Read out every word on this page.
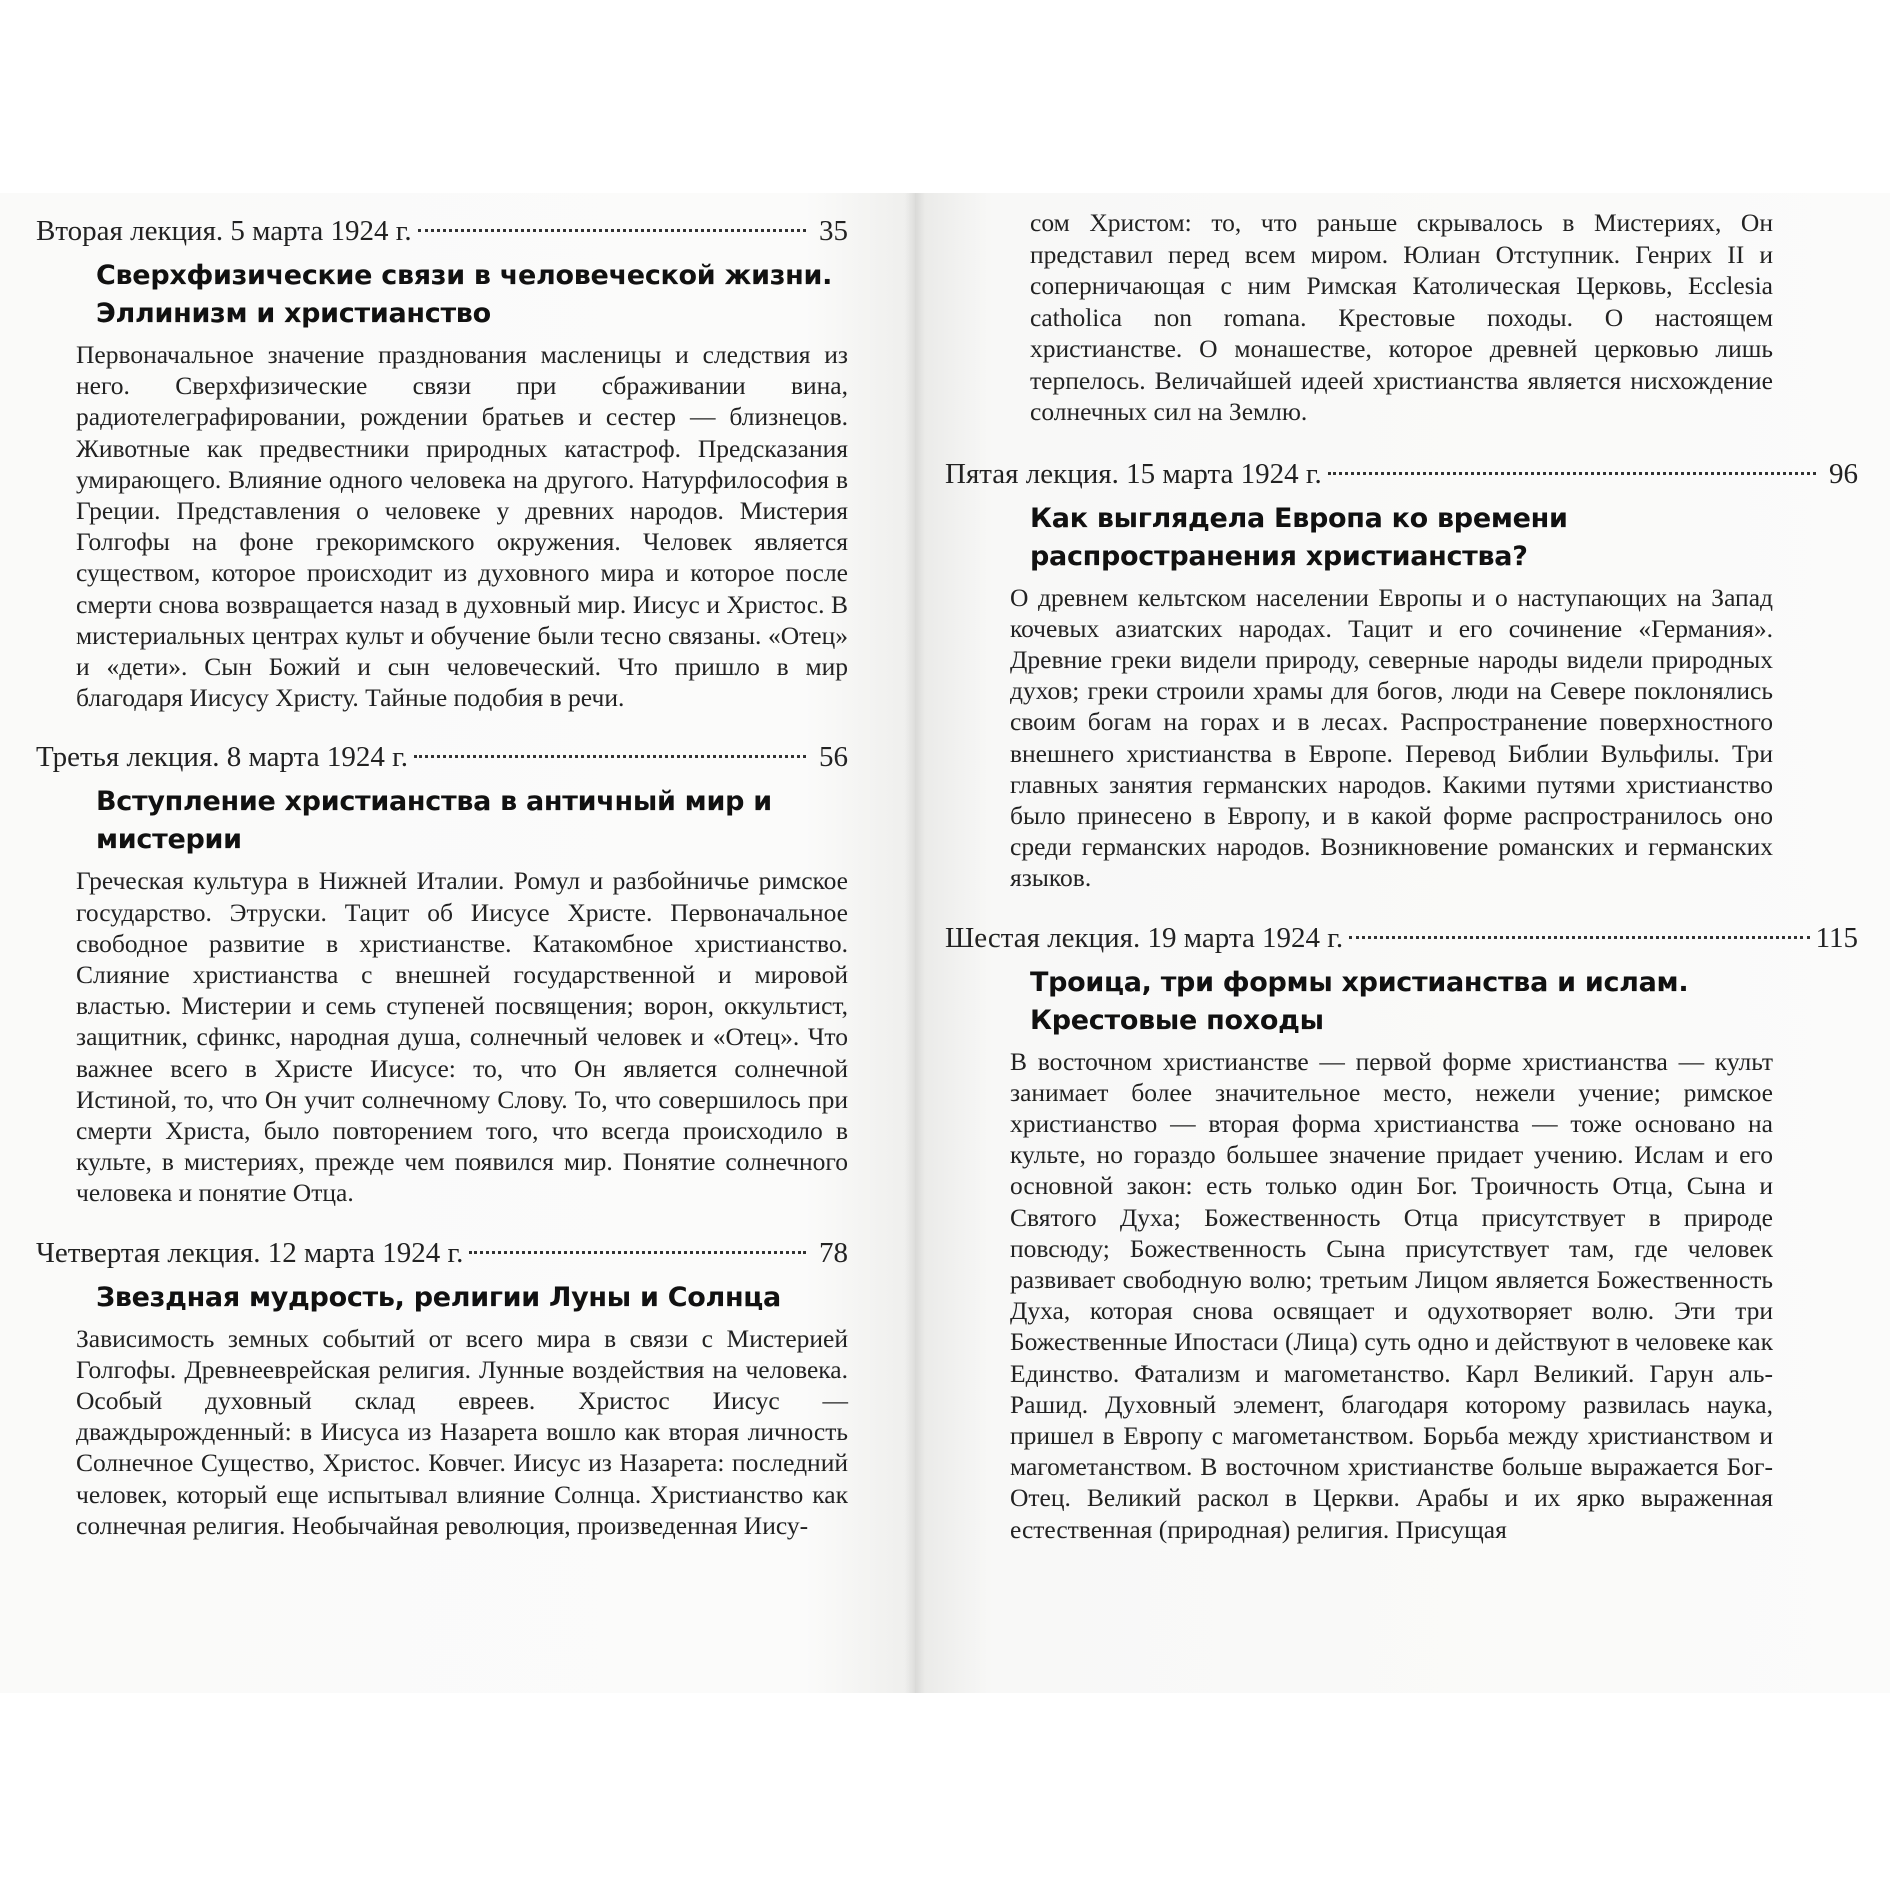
Вторая лекция. 5 марта 1924 г.	35
Сверхфизические связи в человеческой жизни. Эллинизм и христианство
Первоначальное значение празднования масленицы и следствия из него. Сверхфизические связи при сбраживании вина, радиотелеграфировании, рождении братьев и сестер — близнецов. Животные как предвестники природных катастроф. Предсказания умирающего. Влияние одного человека на другого. Натурфилософия в Греции. Представления о человеке у древних народов. Мистерия Голгофы на фоне грекоримского окружения. Человек является существом, которое происходит из духовного мира и которое после смерти снова возвращается назад в духовный мир. Иисус и Христос. В мистериальных центрах культ и обучение были тесно связаны. «Отец» и «дети». Сын Божий и сын человеческий. Что пришло в мир благодаря Иисусу Христу. Тайные подобия в речи.
Третья лекция. 8 марта 1924 г.	56
Вступление христианства в античный мир и мистерии
Греческая культура в Нижней Италии. Ромул и разбойничье римское государство. Этруски. Тацит об Иисусе Христе. Первоначальное свободное развитие в христианстве. Катакомбное христианство. Слияние христианства с внешней государственной и мировой властью. Мистерии и семь ступеней посвящения; ворон, оккультист, защитник, сфинкс, народная душа, солнечный человек и «Отец». Что важнее всего в Христе Иисусе: то, что Он является солнечной Истиной, то, что Он учит солнечному Слову. То, что совершилось при смерти Христа, было повторением того, что всегда происходило в культе, в мистериях, прежде чем появился мир. Понятие солнечного человека и понятие Отца.
Четвертая лекция. 12 марта 1924 г.	78
Звездная мудрость, религии Луны и Солнца
Зависимость земных событий от всего мира в связи с Мистерией Голгофы. Древнееврейская религия. Лунные воздействия на человека. Особый духовный склад евреев. Христос Иисус — дваждырожденный: в Иисуса из Назарета вошло как вторая личность Солнечное Существо, Христос. Ковчег. Иисус из Назарета: последний человек, который еще испытывал влияние Солнца. Христианство как солнечная религия. Необычайная революция, произведенная Иису-
сом Христом: то, что раньше скрывалось в Мистериях, Он представил перед всем миром. Юлиан Отступник. Генрих II и соперничающая с ним Римская Католическая Церковь, Ecclesia catholica non romana. Крестовые походы. О настоящем христианстве. О монашестве, которое древней церковью лишь терпелось. Величайшей идеей христианства является нисхождение солнечных сил на Землю.
Пятая лекция. 15 марта 1924 г.	96
Как выглядела Европа ко времени распространения христианства?
О древнем кельтском населении Европы и о наступающих на Запад кочевых азиатских народах. Тацит и его сочинение «Германия». Древние греки видели природу, северные народы видели природных духов; греки строили храмы для богов, люди на Севере поклонялись своим богам на горах и в лесах. Распространение поверхностного внешнего христианства в Европе. Перевод Библии Вульфилы. Три главных занятия германских народов. Какими путями христианство было принесено в Европу, и в какой форме распространилось оно среди германских народов. Возникновение романских и германских языков.
Шестая лекция. 19 марта 1924 г.	115
Троица, три формы христианства и ислам. Крестовые походы
В восточном христианстве — первой форме христианства — культ занимает более значительное место, нежели учение; римское христианство — вторая форма христианства — тоже основано на культе, но гораздо большее значение придает учению. Ислам и его основной закон: есть только один Бог. Троичность Отца, Сына и Святого Духа; Божественность Отца присутствует в природе повсюду; Божественность Сына присутствует там, где человек развивает свободную волю; третьим Лицом является Божественность Духа, которая снова освящает и одухотворяет волю. Эти три Божественные Ипостаси (Лица) суть одно и действуют в человеке как Единство. Фатализм и магометанство. Карл Великий. Гарун аль-Рашид. Духовный элемент, благодаря которому развилась наука, пришел в Европу с магометанством. Борьба между христианством и магометанством. В восточном христианстве больше выражается Бог-Отец. Великий раскол в Церкви. Арабы и их ярко выраженная естественная (природная) религия. Присущая
